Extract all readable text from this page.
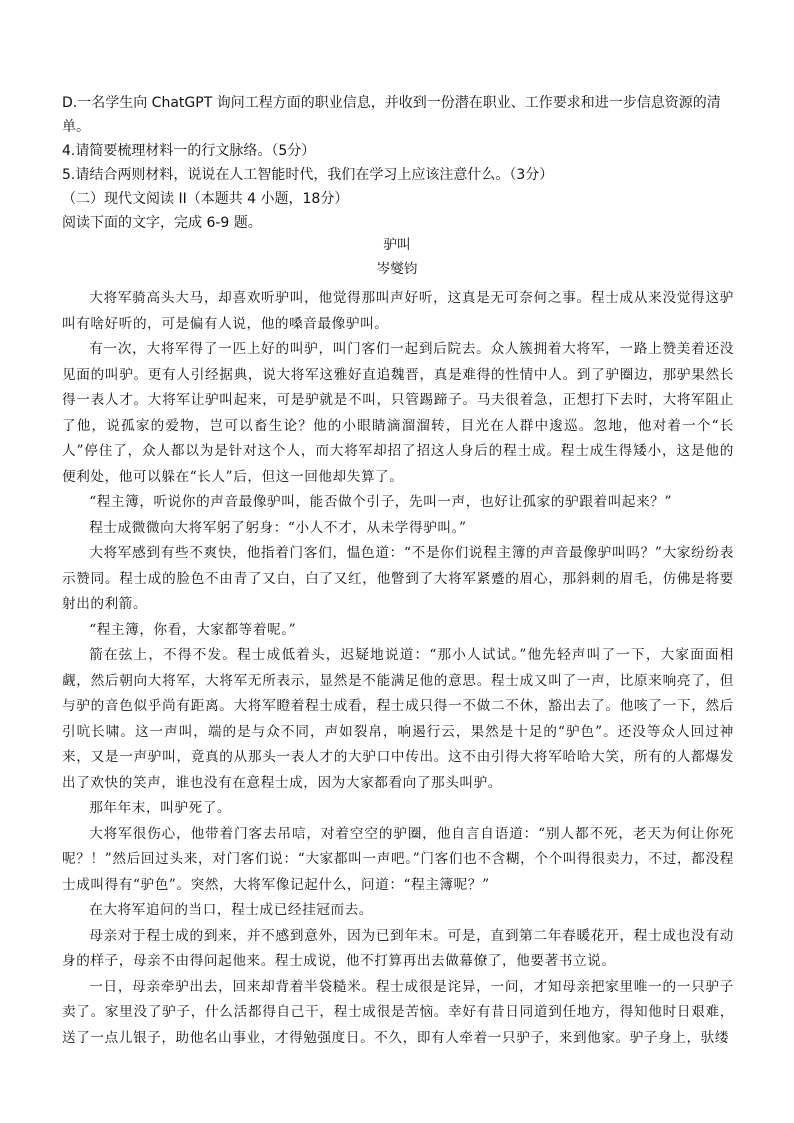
D.一名学生向 ChatGPT 询问工程方面的职业信息，并收到一份潜在职业、工作要求和进一步信息资源的清
单。
4.请简要梳理材料一的行文脉络。（5分）
5.请结合两则材料，说说在人工智能时代，我们在学习上应该注意什么。（3分）
（二）现代文阅读 II（本题共 4 小题，18分）
阅读下面的文字，完成 6-9 题。
驴叫
岑燮钧

大将军骑高头大马，却喜欢听驴叫，他觉得那叫声好听，这真是无可奈何之事。程士成从来没觉得这驴叫有啥好听的，可是偏有人说，他的嗓音最像驴叫。

有一次，大将军得了一匹上好的叫驴，叫门客们一起到后院去。众人簇拥着大将军，一路上赞美着还没见面的叫驴。更有人引经据典，说大将军这雅好直追魏晋，真是难得的性情中人。到了驴圈边，那驴果然长得一表人才。大将军让驴叫起来，可是驴就是不叫，只管踢蹄子。马夫很着急，正想打下去时，大将军阻止了他，说孤家的爱物，岂可以畜生论？他的小眼睛滴溜溜转，目光在人群中逡巡。忽地，他对着一个“长人”停住了，众人都以为是针对这个人，而大将军却招了招这人身后的程士成。程士成生得矮小，这是他的便利处，他可以躲在“长人”后，但这一回他却失算了。

“程主簿，听说你的声音最像驴叫，能否做个引子，先叫一声，也好让孤家的驴跟着叫起来？”

程士成微微向大将军躬了躬身：“小人不才，从未学得驴叫。”

大将军感到有些不爽快，他指着门客们，愠色道：“不是你们说程主簿的声音最像驴叫吗？”大家纷纷表示赞同。程士成的脸色不由青了又白，白了又红，他瞥到了大将军紧蹙的眉心，那斜刺的眉毛，仿佛是将要射出的利箭。

“程主簿，你看，大家都等着呢。”

箭在弦上，不得不发。程士成低着头，迟疑地说道：“那小人试试。”他先轻声叫了一下，大家面面相觑，然后朝向大将军，大将军无所表示，显然是不能满足他的意思。程士成又叫了一声，比原来响亮了，但与驴的音色似乎尚有距离。大将军瞪着程士成看，程士成只得一不做二不休，豁出去了。他咳了一下，然后引吭长啸。这一声叫，端的是与众不同，声如裂帛，响遏行云，果然是十足的“驴色”。还没等众人回过神来，又是一声驴叫，竟真的从那头一表人才的大驴口中传出。这不由引得大将军哈哈大笑，所有的人都爆发出了欢快的笑声，谁也没有在意程士成，因为大家都看向了那头叫驴。

那年年末，叫驴死了。

大将军很伤心，他带着门客去吊唁，对着空空的驴圈，他自言自语道：“别人都不死，老天为何让你死呢？！”然后回过头来，对门客们说：“大家都叫一声吧。”门客们也不含糊，个个叫得很卖力，不过，都没程士成叫得有“驴色”。突然，大将军像记起什么，问道：“程主簿呢？”

在大将军追问的当口，程士成已经挂冠而去。

母亲对于程士成的到来，并不感到意外，因为已到年末。可是，直到第二年春暖花开，程士成也没有动身的样子，母亲不由得问起他来。程士成说，他不打算再出去做幕僚了，他要著书立说。

一日，母亲牵驴出去，回来却背着半袋糙米。程士成很是诧异，一问，才知母亲把家里唯一的一只驴子卖了。家里没了驴子，什么活都得自己干，程士成很是苦恼。幸好有昔日同道到任地方，得知他时日艰难，送了一点儿银子，助他名山事业，才得勉强度日。不久，即有人牵着一只驴子，来到他家。驴子身上，驮缕
